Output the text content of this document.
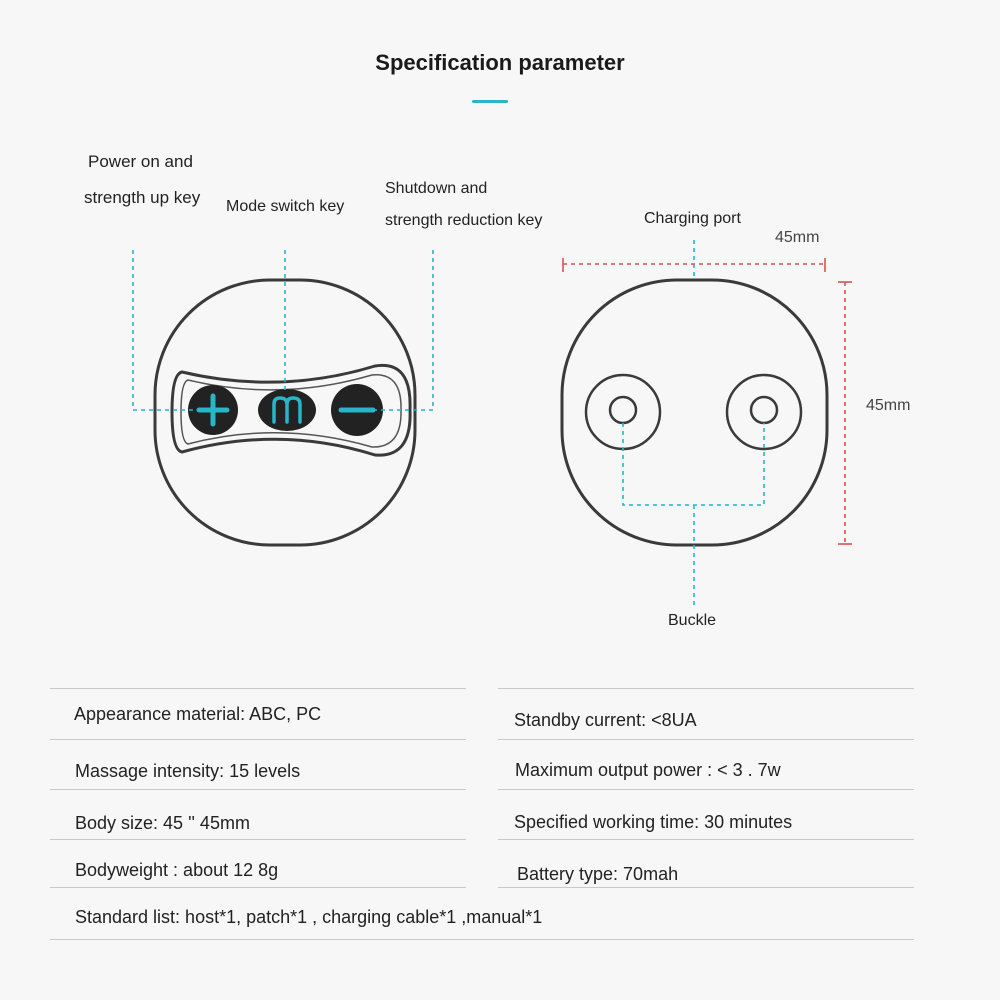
Specification parameter
Power on and
strength up key Mode switch key
Shutdown and
strength reduction key	Charging port
45mm
45mm
Buckle
Appearance material: ABC, PC
Massage intensity: 15 levels
Body size: 45 '' 45mm
Bodyweight : about 12 8g
Standby current: <8UA
Maximum output power : < 3 . 7w
Specified working time: 30 minutes
Battery type: 70mah
Standard list: host*1, patch*1 , charging cable*1 ,manual*1
